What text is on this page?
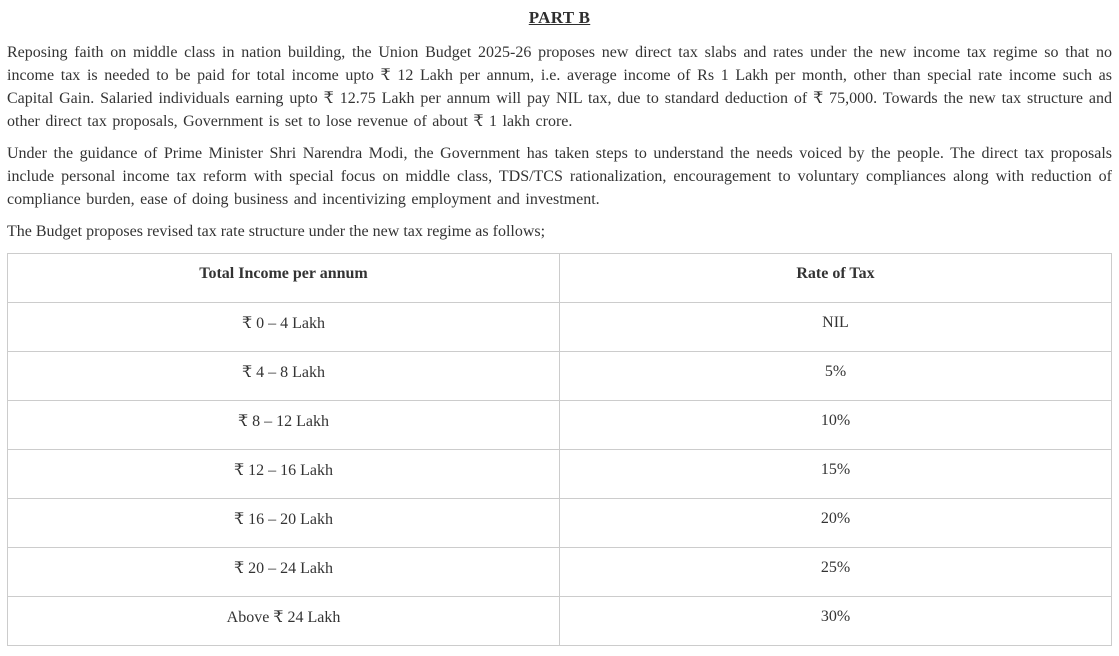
PART B

Reposing faith on middle class in nation building, the Union Budget 2025-26 proposes new direct tax slabs and rates under the new income tax regime so that no income tax is needed to be paid for total income upto ₹ 12 Lakh per annum, i.e. average income of Rs 1 Lakh per month, other than special rate income such as Capital Gain. Salaried individuals earning upto ₹ 12.75 Lakh per annum will pay NIL tax, due to standard deduction of ₹ 75,000. Towards the new tax structure and other direct tax proposals, Government is set to lose revenue of about ₹ 1 lakh crore.

Under the guidance of Prime Minister Shri Narendra Modi, the Government has taken steps to understand the needs voiced by the people. The direct tax proposals include personal income tax reform with special focus on middle class, TDS/TCS rationalization, encouragement to voluntary compliances along with reduction of compliance burden, ease of doing business and incentivizing employment and investment.

The Budget proposes revised tax rate structure under the new tax regime as follows;

Total Income per annum	Rate of Tax
₹ 0 – 4 Lakh	NIL
₹ 4 – 8 Lakh	5%
₹ 8 – 12 Lakh	10%
₹ 12 – 16 Lakh	15%
₹ 16 – 20 Lakh	20%
₹ 20 – 24 Lakh	25%
Above ₹ 24 Lakh	30%
